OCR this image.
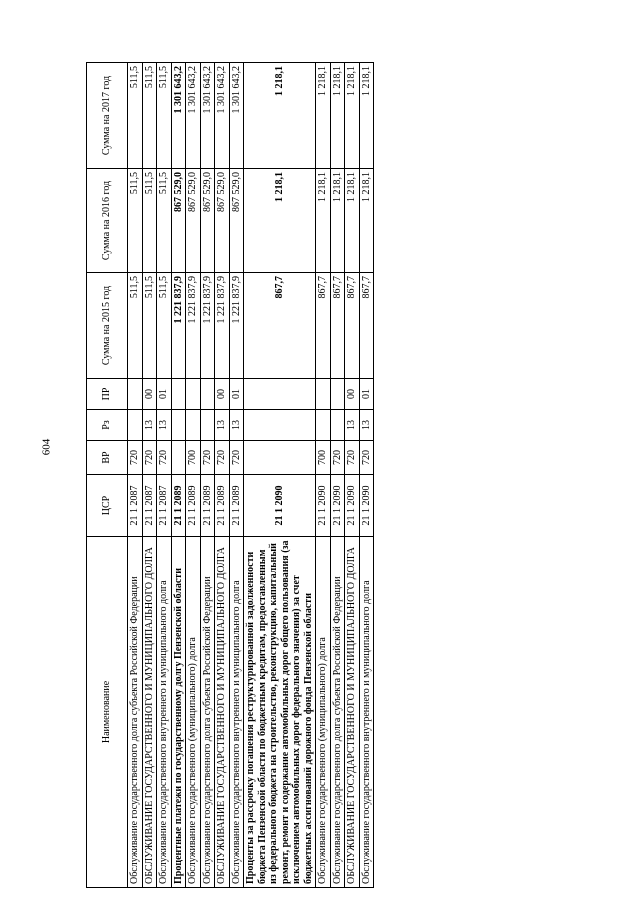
604
Наименование	ЦСР	ВР	Рз	ПР	Сумма на 2015 год	Сумма на 2016 год	Сумма на 2017 год
Обслуживание государственного долга субъекта Российской Федерации	21 1 2087	720			511,5	511,5	511,5
ОБСЛУЖИВАНИЕ ГОСУДАРСТВЕННОГО И МУНИЦИПАЛЬНОГО ДОЛГА	21 1 2087	720	13	00	511,5	511,5	511,5
Обслуживание государственного внутреннего и муниципального долга	21 1 2087	720	13	01	511,5	511,5	511,5
Процентные платежи по государственному долгу Пензенской области	21 1 2089				1 221 837,9	867 529,0	1 301 643,2
Обслуживание государственного (муниципального) долга	21 1 2089	700			1 221 837,9	867 529,0	1 301 643,2
Обслуживание государственного долга субъекта Российской Федерации	21 1 2089	720			1 221 837,9	867 529,0	1 301 643,2
ОБСЛУЖИВАНИЕ ГОСУДАРСТВЕННОГО И МУНИЦИПАЛЬНОГО ДОЛГА	21 1 2089	720	13	00	1 221 837,9	867 529,0	1 301 643,2
Обслуживание государственного внутреннего и муниципального долга	21 1 2089	720	13	01	1 221 837,9	867 529,0	1 301 643,2
Проценты за рассрочку погашения реструктурированной задолженности бюджета Пензенской области по бюджетным кредитам, предоставленным из федерального бюджета на строительство, реконструкцию, капитальный ремонт, ремонт и содержание автомобильных дорог общего пользования (за исключением автомобильных дорог федерального значения) за счет бюджетных ассигнований дорожного фонда Пензенской области	21 1 2090				867,7	1 218,1	1 218,1
Обслуживание государственного (муниципального) долга	21 1 2090	700			867,7	1 218,1	1 218,1
Обслуживание государственного долга субъекта Российской Федерации	21 1 2090	720			867,7	1 218,1	1 218,1
ОБСЛУЖИВАНИЕ ГОСУДАРСТВЕННОГО И МУНИЦИПАЛЬНОГО ДОЛГА	21 1 2090	720	13	00	867,7	1 218,1	1 218,1
Обслуживание государственного внутреннего и муниципального долга	21 1 2090	720	13	01	867,7	1 218,1	1 218,1
